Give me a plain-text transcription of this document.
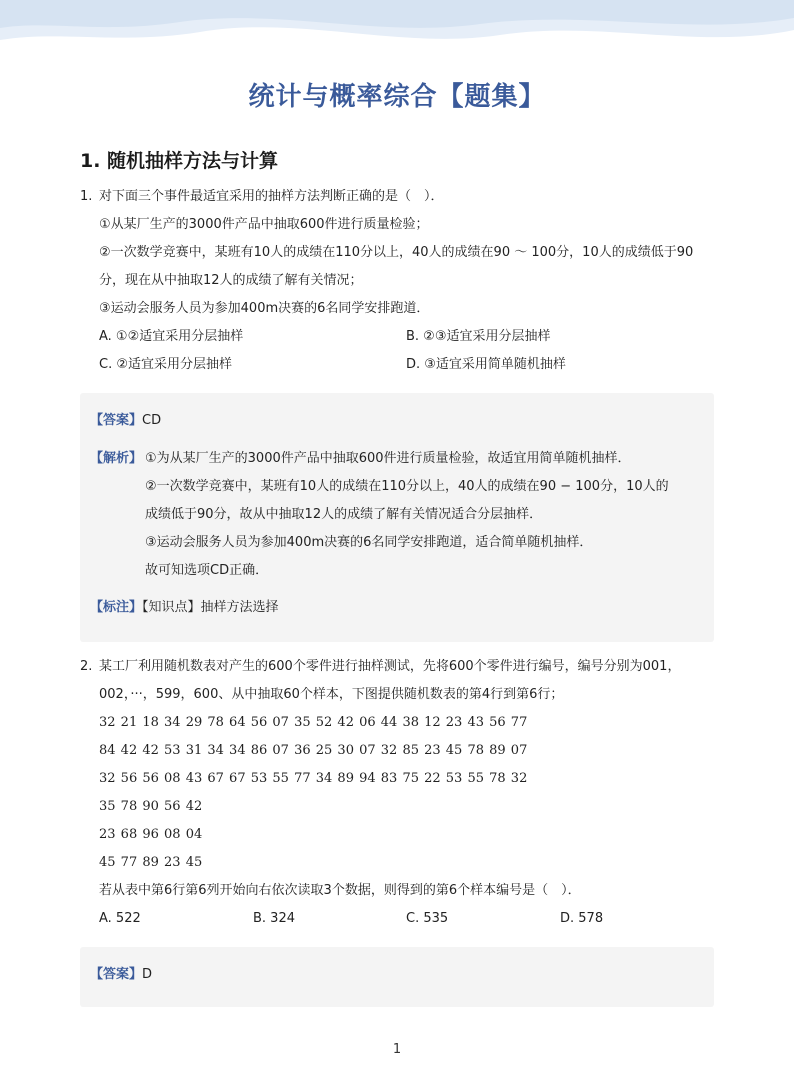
统计与概率综合【题集】
1. 随机抽样方法与计算
1. 对下面三个事件最适宜采用的抽样方法判断正确的是（　）．
①从某厂生产的3000件产品中抽取600件进行质量检验；
②一次数学竞赛中，某班有10人的成绩在110分以上，40人的成绩在90 ～ 100分，10人的成绩低于90
分，现在从中抽取12人的成绩了解有关情况；
③运动会服务人员为参加400m决赛的6名同学安排跑道．
A. ①②适宜采用分层抽样	B. ②③适宜采用分层抽样
C. ②适宜采用分层抽样	D. ③适宜采用简单随机抽样
【答案】CD
【解析】 ①为从某厂生产的3000件产品中抽取600件进行质量检验，故适宜用简单随机抽样．
②一次数学竞赛中，某班有10人的成绩在110分以上，40人的成绩在90 − 100分，10人的
成绩低于90分，故从中抽取12人的成绩了解有关情况适合分层抽样．
③运动会服务人员为参加400m决赛的6名同学安排跑道，适合简单随机抽样．
故可知选项CD正确．
【标注】【知识点】抽样方法选择
2. 某工厂利用随机数表对产生的600个零件进行抽样测试，先将600个零件进行编号，编号分别为001，
002，···，599，600、从中抽取60个样本，下图提供随机数表的第4行到第6行；
32 21 18 34 29 78 64 56 07 35 52 42 06 44 38 12 23 43 56 77
84 42 42 53 31 34 34 86 07 36 25 30 07 32 85 23 45 78 89 07
32 56 56 08 43 67 67 53 55 77 34 89 94 83 75 22 53 55 78 32
35 78 90 56 42
23 68 96 08 04
45 77 89 23 45
若从表中第6行第6列开始向右依次读取3个数据，则得到的第6个样本编号是（　）．
A. 522	B. 324	C. 535	D. 578
【答案】D
1
